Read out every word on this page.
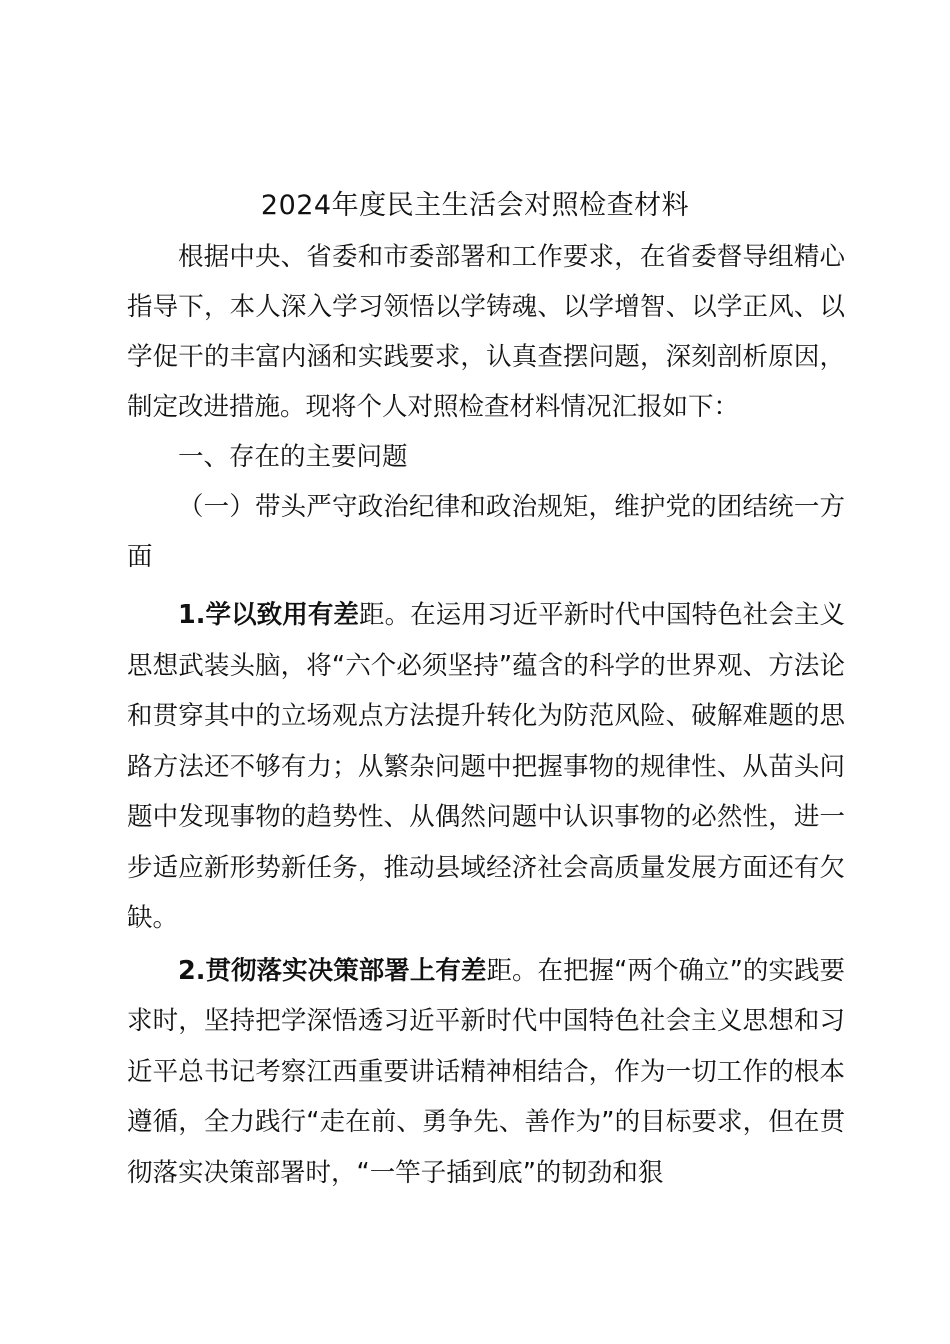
2024年度民主生活会对照检查材料

根据中央、省委和市委部署和工作要求，在省委督导组精心指导下，本人深入学习领悟以学铸魂、以学增智、以学正风、以学促干的丰富内涵和实践要求，认真查摆问题，深刻剖析原因，制定改进措施。现将个人对照检查材料情况汇报如下：

一、存在的主要问题

（一）带头严守政治纪律和政治规矩，维护党的团结统一方面

1.学以致用有差距。在运用习近平新时代中国特色社会主义思想武装头脑，将“六个必须坚持”蕴含的科学的世界观、方法论和贯穿其中的立场观点方法提升转化为防范风险、破解难题的思路方法还不够有力；从繁杂问题中把握事物的规律性、从苗头问题中发现事物的趋势性、从偶然问题中认识事物的必然性，进一步适应新形势新任务，推动县域经济社会高质量发展方面还有欠缺。

2.贯彻落实决策部署上有差距。在把握“两个确立”的实践要求时，坚持把学深悟透习近平新时代中国特色社会主义思想和习近平总书记考察江西重要讲话精神相结合，作为一切工作的根本遵循，全力践行“走在前、勇争先、善作为”的目标要求，但在贯彻落实决策部署时，“一竿子插到底”的韧劲和狠
